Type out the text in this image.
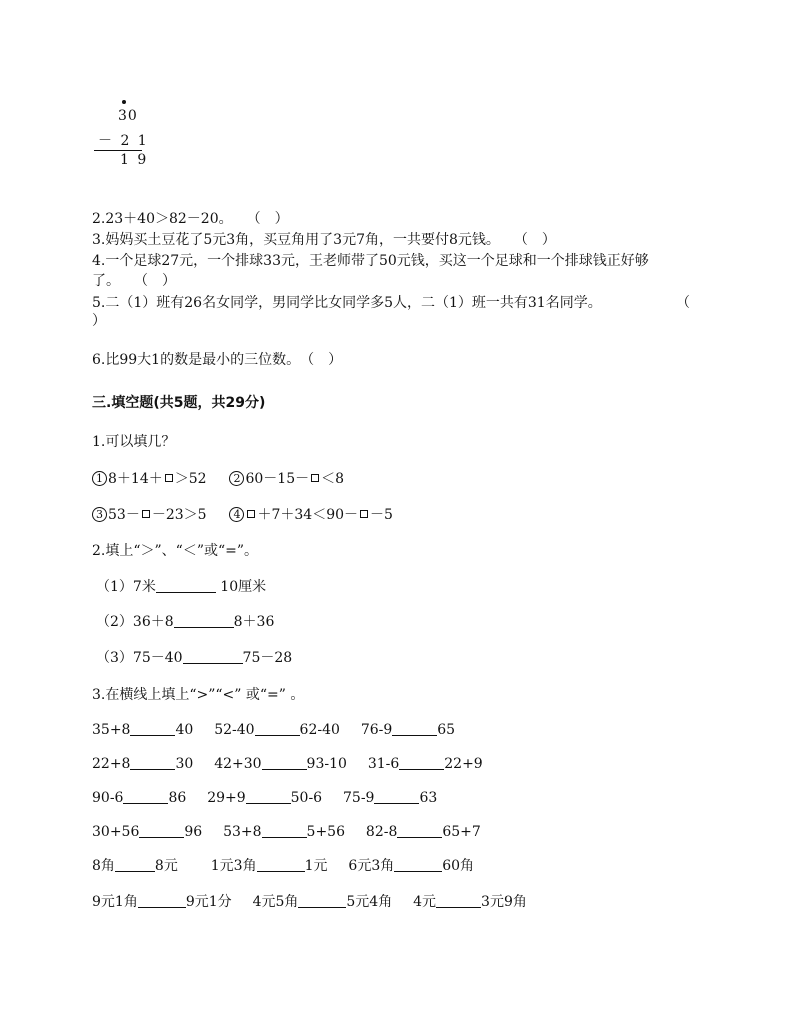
30
－ 2 1
1 9
2.23＋40＞82－20。　　（　）
3.妈妈买土豆花了5元3角，买豆角用了3元7角，一共要付8元钱。　　（　）
4.一个足球27元，一个排球33元，王老师带了50元钱，买这一个足球和一个排球钱正好够
了。　　（　）
5.二（1）班有26名女同学，男同学比女同学多5人，二（1）班一共有31名同学。	（
）
6.比99大1的数是最小的三位数。　（　）
三.填空题(共5题，共29分)
1.可以填几？
1 8＋14＋ ＞52 2 60－15－ ＜8
3 53－ －23＞5 4 ＋7＋34＜90－ －5
2.填上“＞”、“＜”或“=”。
（1）7米	10厘米
（2）36＋8	8＋36
（3）75－40	75－28
3.在横线上填上“>”“<” 或“=” 。
35+8	40 52-40	62-40 76-9	65
22+8	30 42+30	93-10 31-6	22+9
90-6	86 29+9	50-6 75-9	63
30+56	96 53+8	5+56 82-8	65+7
8角	8元 1元3角	1元 6元3角	60角
9元1角	9元1分 4元5角	5元4角 4元	3元9角
